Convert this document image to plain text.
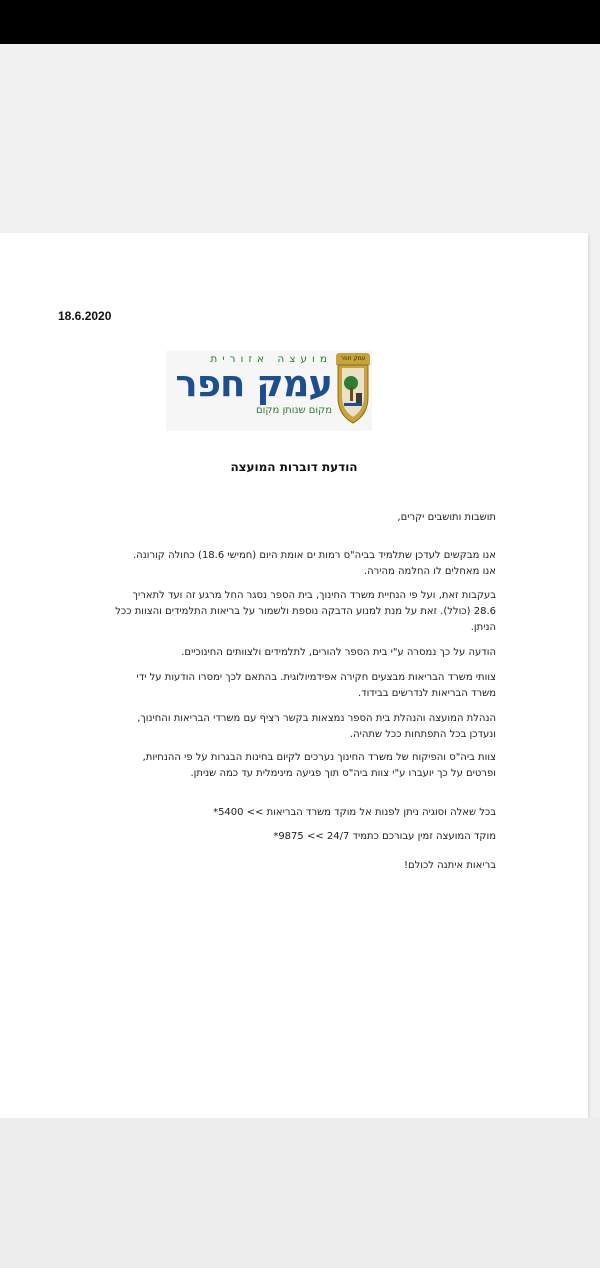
18.6.2020
מועצה אזורית
עמק חפר
מקום שנותן מקום
עמק חפר
הודעת דוברות המועצה
תושבות ותושבים יקרים,
אנו מבקשים לעדכן שתלמיד בביה"ס רמות ים אומת היום (חמישי 18.6) כחולה קורונה.
אנו מאחלים לו החלמה מהירה.
בעקבות זאת, ועל פי הנחיית משרד החינוך, בית הספר נסגר החל מרגע זה ועד לתאריך
28.6 (כולל). זאת על מנת למנוע הדבקה נוספת ולשמור על בריאות התלמידים והצוות ככל
הניתן.
הודעה על כך נמסרה ע"י בית הספר להורים, לתלמידים ולצוותים החינוכיים.
צוותי משרד הבריאות מבצעים חקירה אפידמיולוגית. בהתאם לכך ימסרו הודעות על ידי
משרד הבריאות לנדרשים בבידוד.
הנהלת המועצה והנהלת בית הספר נמצאות בקשר רציף עם משרדי הבריאות והחינוך,
ונעדכן בכל התפתחות ככל שתהיה.
צוות ביה"ס והפיקוח של משרד החינוך נערכים לקיום בחינות הבגרות על פי ההנחיות,
ופרטים על כך יועברו ע"י צוות ביה"ס תוך פגיעה מינימלית עד כמה שניתן.
בכל שאלה וסוגיה ניתן לפנות אל מוקד משרד הבריאות >> 5400*
מוקד המועצה זמין עבורכם כתמיד 24/7 >> 9875*
בריאות איתנה לכולם!
